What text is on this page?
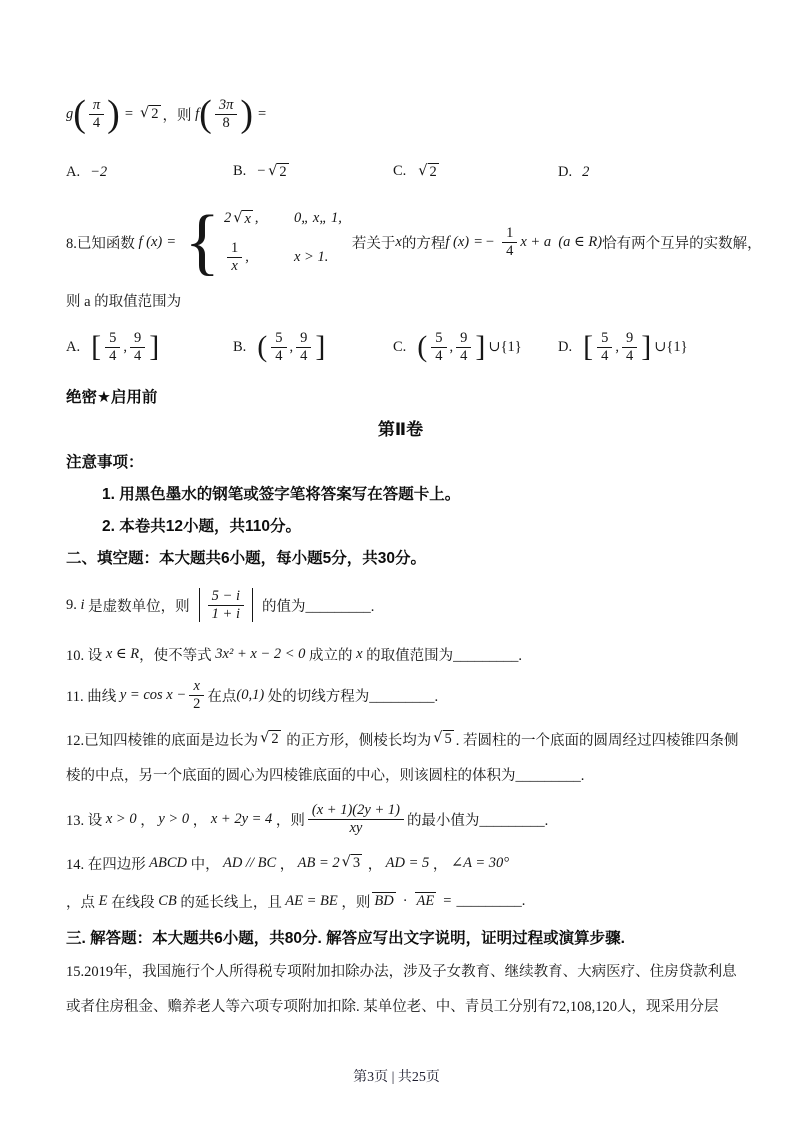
g ( $\frac{\pi}{4}$ ) = √ 2 ，则 f ( $\frac{3\pi}{8}$ ) =
A. −2	B. − √ 2	C. √ 2	D. 2
8.已知函数 f (x) = { 2 √ x , 0„ x„ 1,
$\frac{1}{x}$ ,	x > 1.
若关于 x 的方程 f (x) = − $\frac{1}{4}$ x + a (a ∈ R) 恰有两个互异的实数解，
则 a 的取值范围为
A. [ $\frac{5}{4}$ , $\frac{9}{4}$ ]	B. ( $\frac{5}{4}$ , $\frac{9}{4}$ ]	C. ( $\frac{5}{4}$ , $\frac{9}{4}$ ] ∪{1}	D. [ $\frac{5}{4}$ , $\frac{9}{4}$ ] ∪{1}
绝密★启用前
第Ⅱ卷
注意事项：
1. 用黑色墨水的钢笔或签字笔将答案写在答题卡上。
2. 本卷共12小题，共110分。
二、填空题：本大题共6小题，每小题5分，共30分。
9. i 是虚数单位，则 $\frac{5 - i}{1 + i}$ 的值为_________.
10. 设 x ∈ R ，使不等式 3x² + x − 2 < 0 成立的 x 的取值范围为_________.
11. 曲线 $y = \cos x - \frac{x}{2}$ 在点 (0,1) 处的切线方程为_________.
12.已知四棱锥的底面是边长为 √ 2 的正方形，侧棱长均为 √ 5 . 若圆柱的一个底面的圆周经过四棱锥四条侧
棱的中点，另一个底面的圆心为四棱锥底面的中心，则该圆柱的体积为_________.
13. 设 x > 0 ， y > 0 ， x + 2y = 4 ，则 $\frac{(x + 1)(2y + 1)}{xy}$ 的最小值为_________.
14. 在四边形 ABCD 中， AD // BC ， AB = 2 √ 3 ， AD = 5 ， ∠A = 30°
，点 E 在线段 CB 的延长线上，且 AE = BE ，则 BD · AE = _________.
三. 解答题：本大题共6小题，共80分. 解答应写出文字说明，证明过程或演算步骤.
15.2019年，我国施行个人所得税专项附加扣除办法，涉及子女教育、继续教育、大病医疗、住房贷款利息
或者住房租金、赡养老人等六项专项附加扣除. 某单位老、中、青员工分别有72,108,120人，现采用分层
第3页 | 共25页
